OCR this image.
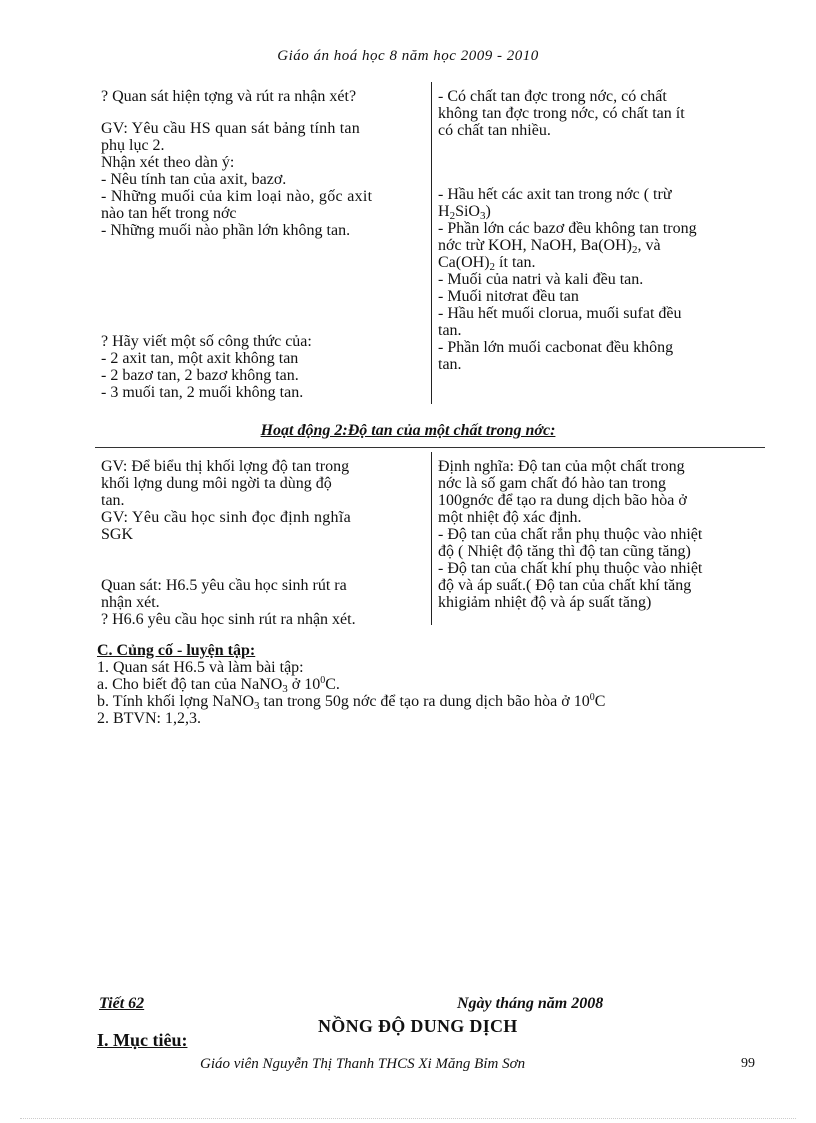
Giáo án hoá học 8 năm học 2009 - 2010

? Quan sát hiện tợng và rút ra nhận xét?

GV: Yêu cầu HS quan sát bảng tính tan

phụ lục 2.

Nhận xét theo dàn ý:

- Nêu tính tan của axit, bazơ.

- Những muối của kim loại nào, gốc axit

nào tan hết trong nớc

- Những muối nào phần lớn không tan.

? Hãy viết một số công thức của:

- 2 axit tan, một axit không tan

- 2 bazơ tan, 2 bazơ không tan.

- 3 muối tan, 2 muối không tan.

- Có chất tan đợc trong nớc, có chất

không tan đợc trong nớc, có chất tan ít

có chất tan nhiều.

- Hầu hết các axit tan trong nớc ( trừ

$H_2SiO_3$)

- Phần lớn các bazơ đều không tan trong

nớc trừ KOH, NaOH, $Ba(OH)_2$, và

$Ca(OH)_2$ ít tan.

- Muối của natri và kali đều tan.

- Muối nitơrat đều tan

- Hầu hết muối clorua, muối sufat đều

tan.

- Phần lớn muối cacbonat đều không

tan.

Hoạt động 2:Độ tan của một chất trong nớc:

GV: Để biểu thị khối lợng độ tan trong

khối lợng dung môi ngời ta dùng độ

tan.

GV: Yêu cầu học sinh đọc định nghĩa

SGK

Quan sát: H6.5 yêu cầu học sinh rút ra

nhận xét.

? H6.6 yêu cầu học sinh rút ra nhận xét.

Định nghĩa: Độ tan của một chất trong

nớc là số gam chất đó hào tan trong

100gnớc để tạo ra dung dịch bão hòa ở

một nhiệt độ xác định.

- Độ tan của chất rắn phụ thuộc vào nhiệt

độ ( Nhiệt độ tăng thì độ tan cũng tăng)

- Độ tan của chất khí phụ thuộc vào nhiệt

độ và áp suất.( Độ tan của chất khí tăng

khigiảm nhiệt độ và áp suất tăng)

C. Củng cố - luyện tập:

1. Quan sát H6.5 và làm bài tập:

a. Cho biết độ tan của NaNO$_3$ ở $10^0C$.

b. Tính khối lợng NaNO$_3$ tan trong 50g nớc để tạo ra dung dịch bão hòa ở $10^0C$

2. BTVN: 1,2,3.

Tiết 62	Ngày tháng năm 2008
NỒNG ĐỘ DUNG DỊCH
I. Mục tiêu:
Giáo viên Nguyễn Thị Thanh THCS Xi Măng Bỉm Sơn	99
